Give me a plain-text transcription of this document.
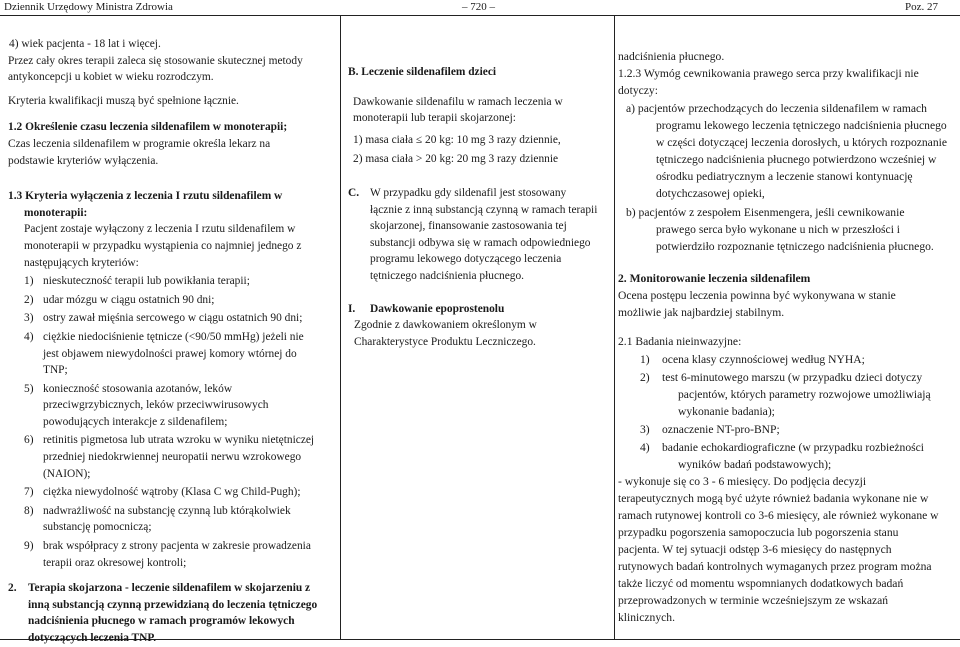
Dziennik Urzędowy Ministra Zdrowia	– 720 –	Poz. 27

4) wiek pacjenta - 18 lat i więcej.

Przez cały okres terapii zaleca się stosowanie skutecznej metody

antykoncepcji u kobiet w wieku rozrodczym.

Kryteria kwalifikacji muszą być spełnione łącznie.

1.2 Określenie czasu leczenia sildenafilem w monoterapii;

Czas leczenia sildenafilem w programie określa lekarz na

podstawie kryteriów wyłączenia.

1.3 Kryteria wyłączenia z leczenia I rzutu sildenafilem w

monoterapii:

Pacjent zostaje wyłączony z leczenia I rzutu sildenafilem w

monoterapii w przypadku wystąpienia co najmniej jednego z

następujących kryteriów:

1) nieskuteczność terapii lub powikłania terapii;

2) udar mózgu w ciągu ostatnich 90 dni;

3) ostry zawał mięśnia sercowego w ciągu ostatnich 90 dni;

4) ciężkie niedociśnienie tętnicze (<90/50 mmHg) jeżeli nie

jest objawem niewydolności prawej komory wtórnej do

TNP;

5) konieczność stosowania azotanów, leków

przeciwgrzybicznych, leków przeciwwirusowych

powodujących interakcje z sildenafilem;

6) retinitis pigmetosa lub utrata wzroku w wyniku nietętniczej

przedniej niedokrwiennej neuropatii nerwu wzrokowego

(NAION);

7) ciężka niewydolność wątroby (Klasa C wg Child-Pugh);

8) nadwrażliwość na substancję czynną lub którąkolwiek

substancję pomocniczą;

9) brak współpracy z strony pacjenta w zakresie prowadzenia

terapii oraz okresowej kontroli;

2. Terapia skojarzona - leczenie sildenafilem w skojarzeniu z

inną substancją czynną przewidzianą do leczenia tętniczego

nadciśnienia płucnego w ramach programów lekowych

dotyczących leczenia TNP.

B. Leczenie sildenafilem dzieci

Dawkowanie sildenafilu w ramach leczenia w

monoterapii lub terapii skojarzonej:

1) masa ciała ≤ 20 kg: 10 mg 3 razy dziennie,

2) masa ciała > 20 kg: 20 mg 3 razy dziennie

C. W przypadku gdy sildenafil jest stosowany

łącznie z inną substancją czynną w ramach terapii

skojarzonej, finansowanie zastosowania tej

substancji odbywa się w ramach odpowiedniego

programu lekowego dotyczącego leczenia

tętniczego nadciśnienia płucnego.

I. Dawkowanie epoprostenolu

Zgodnie z dawkowaniem określonym w

Charakterystyce Produktu Leczniczego.

nadciśnienia płucnego.

1.2.3 Wymóg cewnikowania prawego serca przy kwalifikacji nie

dotyczy:

a) pacjentów przechodzących do leczenia sildenafilem w ramach

programu lekowego leczenia tętniczego nadciśnienia płucnego

w części dotyczącej leczenia dorosłych, u których rozpoznanie

tętniczego nadciśnienia płucnego potwierdzono wcześniej w

ośrodku pediatrycznym a leczenie stanowi kontynuację

dotychczasowej opieki,

b) pacjentów z zespołem Eisenmengera, jeśli cewnikowanie

prawego serca było wykonane u nich w przeszłości i

potwierdziło rozpoznanie tętniczego nadciśnienia płucnego.

2. Monitorowanie leczenia sildenafilem

Ocena postępu leczenia powinna być wykonywana w stanie

możliwie jak najbardziej stabilnym.

2.1 Badania nieinwazyjne:

1) ocena klasy czynnościowej według NYHA;

2) test 6-minutowego marszu (w przypadku dzieci dotyczy

pacjentów, których parametry rozwojowe umożliwiają

wykonanie badania);

3) oznaczenie NT-pro-BNP;

4) badanie echokardiograficzne (w przypadku rozbieżności

wyników badań podstawowych);

- wykonuje się co 3 - 6 miesięcy. Do podjęcia decyzji

terapeutycznych mogą być użyte również badania wykonane nie w

ramach rutynowej kontroli co 3-6 miesięcy, ale również wykonane w

przypadku pogorszenia samopoczucia lub pogorszenia stanu

pacjenta. W tej sytuacji odstęp 3-6 miesięcy do następnych

rutynowych badań kontrolnych wymaganych przez program można

także liczyć od momentu wspomnianych dodatkowych badań

przeprowadzonych w terminie wcześniejszym ze wskazań

klinicznych.
